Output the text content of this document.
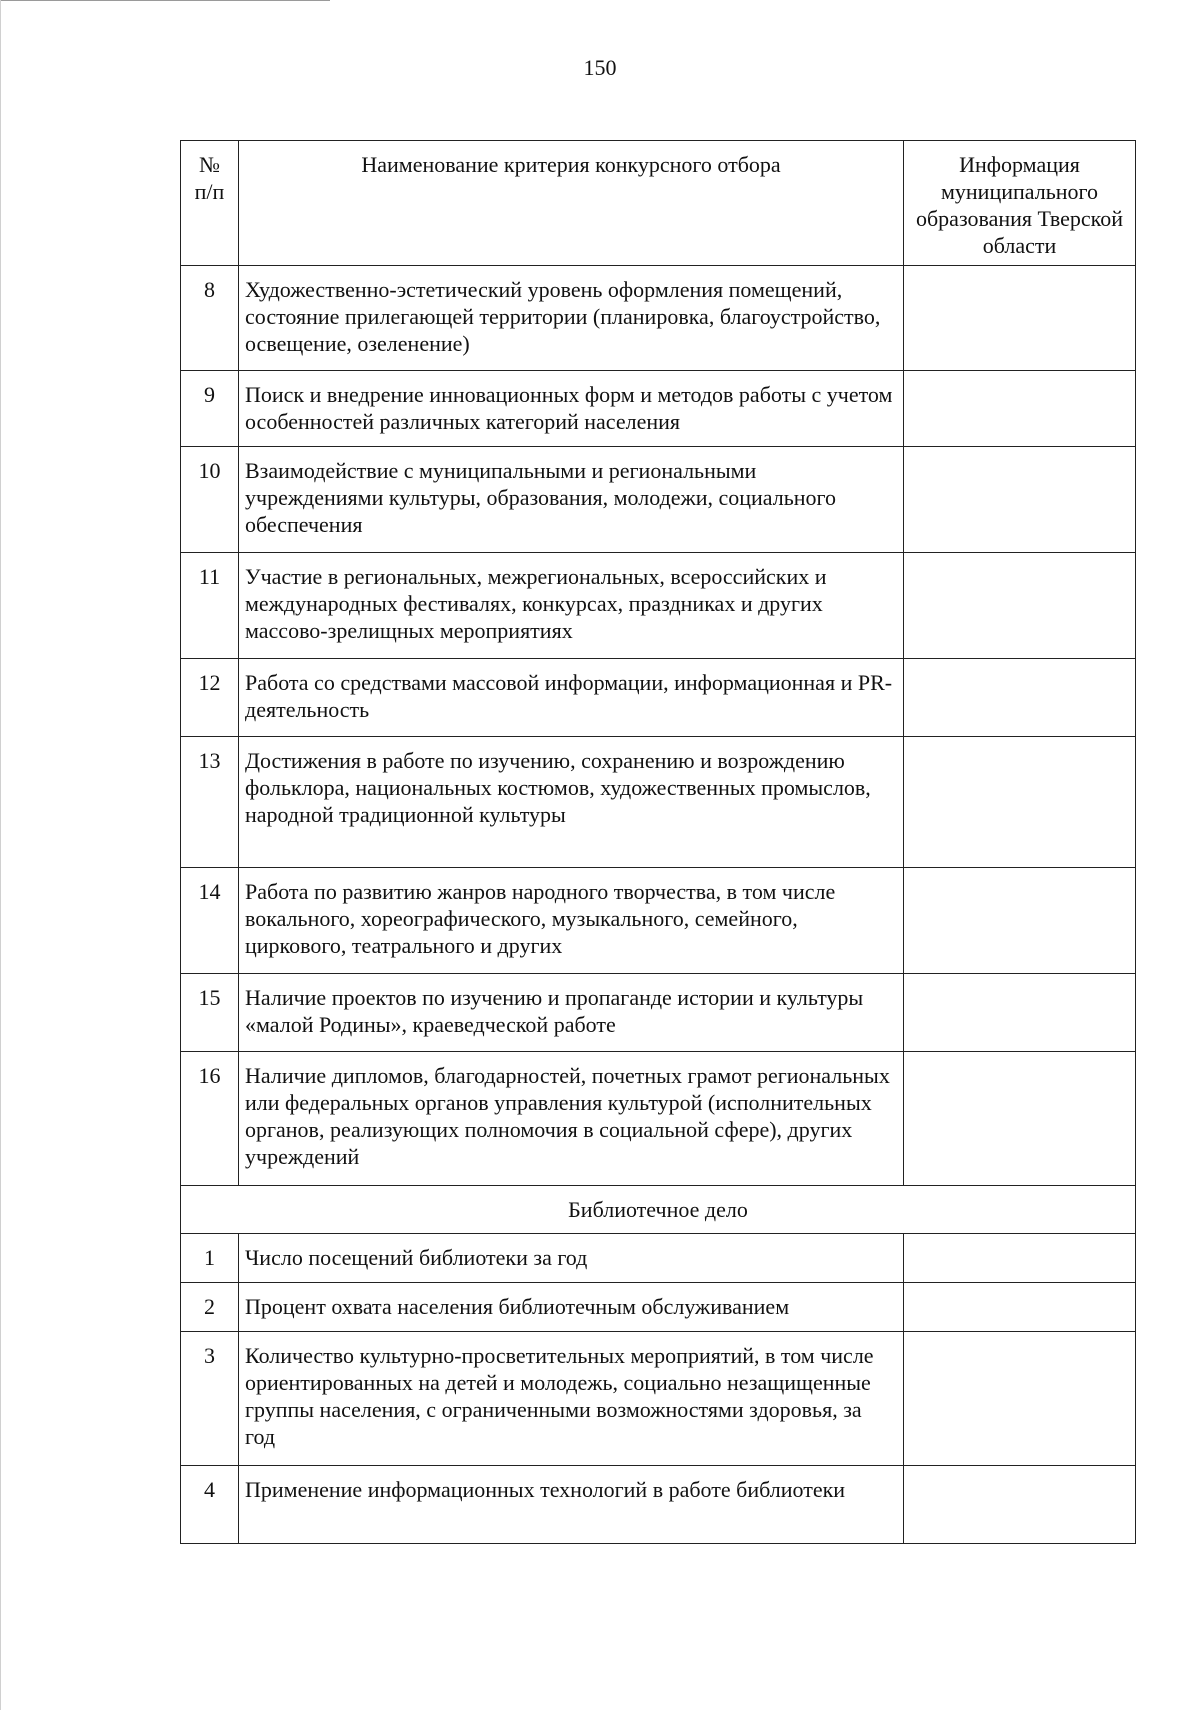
150
№
п/п	Наименование критерия конкурсного отбора	Информация муниципального образования Тверской области
8	Художественно-эстетический уровень оформления помещений, состояние прилегающей территории (планировка, благоустройство, освещение, озеленение)	
9	Поиск и внедрение инновационных форм и методов работы с учетом особенностей различных категорий населения	
10	Взаимодействие с муниципальными и региональными учреждениями культуры, образования, молодежи, социального обеспечения	
11	Участие в региональных, межрегиональных, всероссийских и международных фестивалях, конкурсах, праздниках и других массово-зрелищных мероприятиях	
12	Работа со средствами массовой информации, информационная и PR-деятельность	
13	Достижения в работе по изучению, сохранению и возрождению фольклора, национальных костюмов, художественных промыслов, народной традиционной культуры	
14	Работа по развитию жанров народного творчества, в том числе вокального, хореографического, музыкального, семейного, циркового, театрального и других	
15	Наличие проектов по изучению и пропаганде истории и культуры «малой Родины», краеведческой работе	
16	Наличие дипломов, благодарностей, почетных грамот региональных или федеральных органов управления культурой (исполнительных органов, реализующих полномочия в социальной сфере), других учреждений	
Библиотечное дело		
1	Число посещений библиотеки за год	
2	Процент охвата населения библиотечным обслуживанием	
3	Количество культурно-просветительных мероприятий, в том числе ориентированных на детей и молодежь, социально незащищенные группы населения, с ограниченными возможностями здоровья, за год	
4	Применение информационных технологий в работе библиотеки	
